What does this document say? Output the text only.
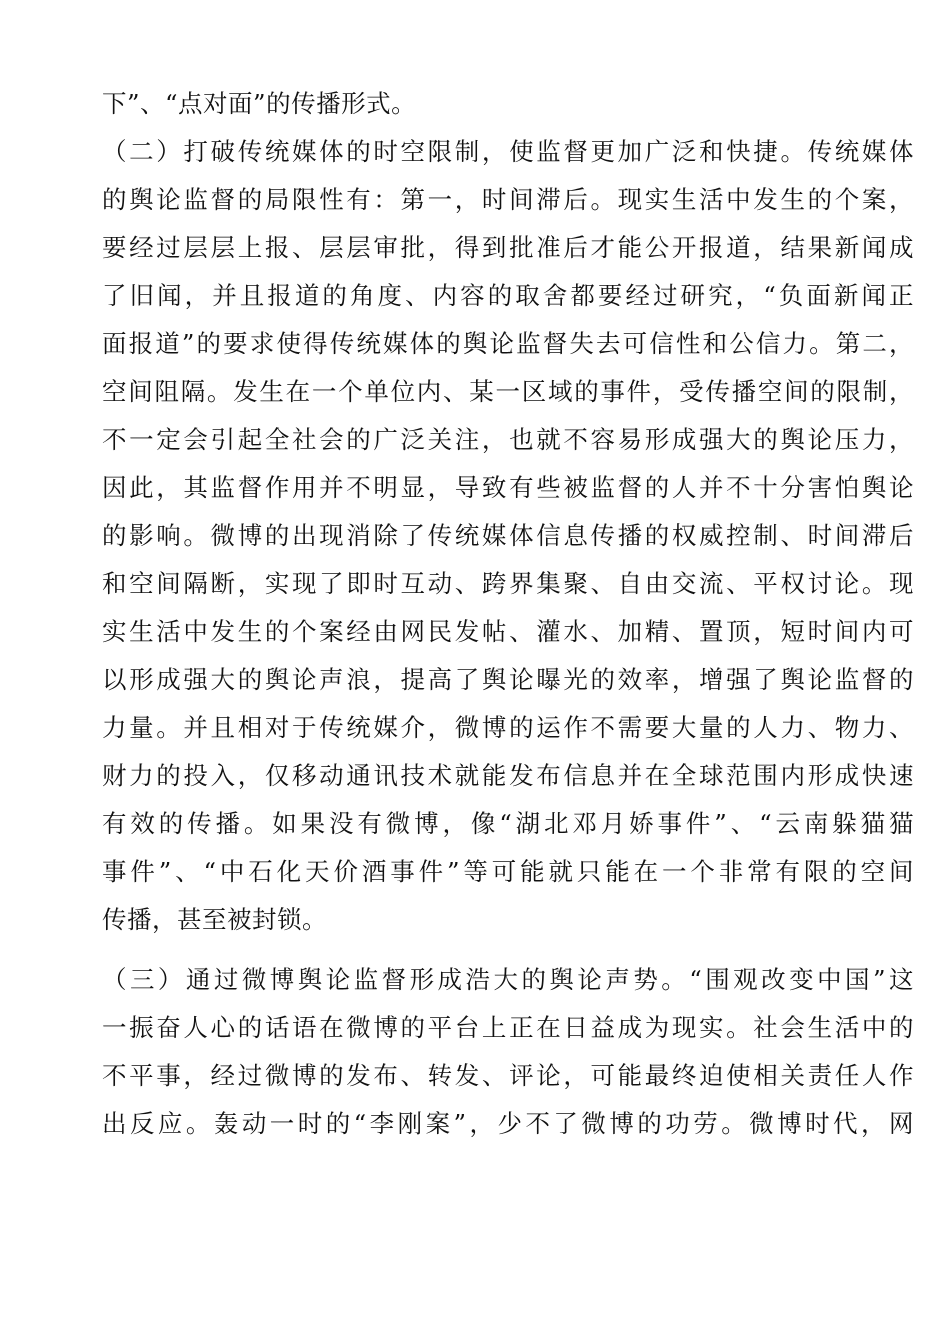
下”、“点对面”的传播形式。
（二）打破传统媒体的时空限制，使监督更加广泛和快捷。传统媒体
的舆论监督的局限性有：第一，时间滞后。现实生活中发生的个案，
要经过层层上报、层层审批，得到批准后才能公开报道，结果新闻成
了旧闻，并且报道的角度、内容的取舍都要经过研究，“负面新闻正
面报道”的要求使得传统媒体的舆论监督失去可信性和公信力。第二，
空间阻隔。发生在一个单位内、某一区域的事件，受传播空间的限制，
不一定会引起全社会的广泛关注，也就不容易形成强大的舆论压力，
因此，其监督作用并不明显，导致有些被监督的人并不十分害怕舆论
的影响。微博的出现消除了传统媒体信息传播的权威控制、时间滞后
和空间隔断，实现了即时互动、跨界集聚、自由交流、平权讨论。现
实生活中发生的个案经由网民发帖、灌水、加精、置顶，短时间内可
以形成强大的舆论声浪，提高了舆论曝光的效率，增强了舆论监督的
力量。并且相对于传统媒介，微博的运作不需要大量的人力、物力、
财力的投入，仅移动通讯技术就能发布信息并在全球范围内形成快速
有效的传播。如果没有微博，像“湖北邓月娇事件”、“云南躲猫猫
事件”、“中石化天价酒事件”等可能就只能在一个非常有限的空间
传播，甚至被封锁。
（三）通过微博舆论监督形成浩大的舆论声势。“围观改变中国”这
一振奋人心的话语在微博的平台上正在日益成为现实。社会生活中的
不平事，经过微博的发布、转发、评论，可能最终迫使相关责任人作
出反应。轰动一时的“李刚案”，少不了微博的功劳。微博时代，网
